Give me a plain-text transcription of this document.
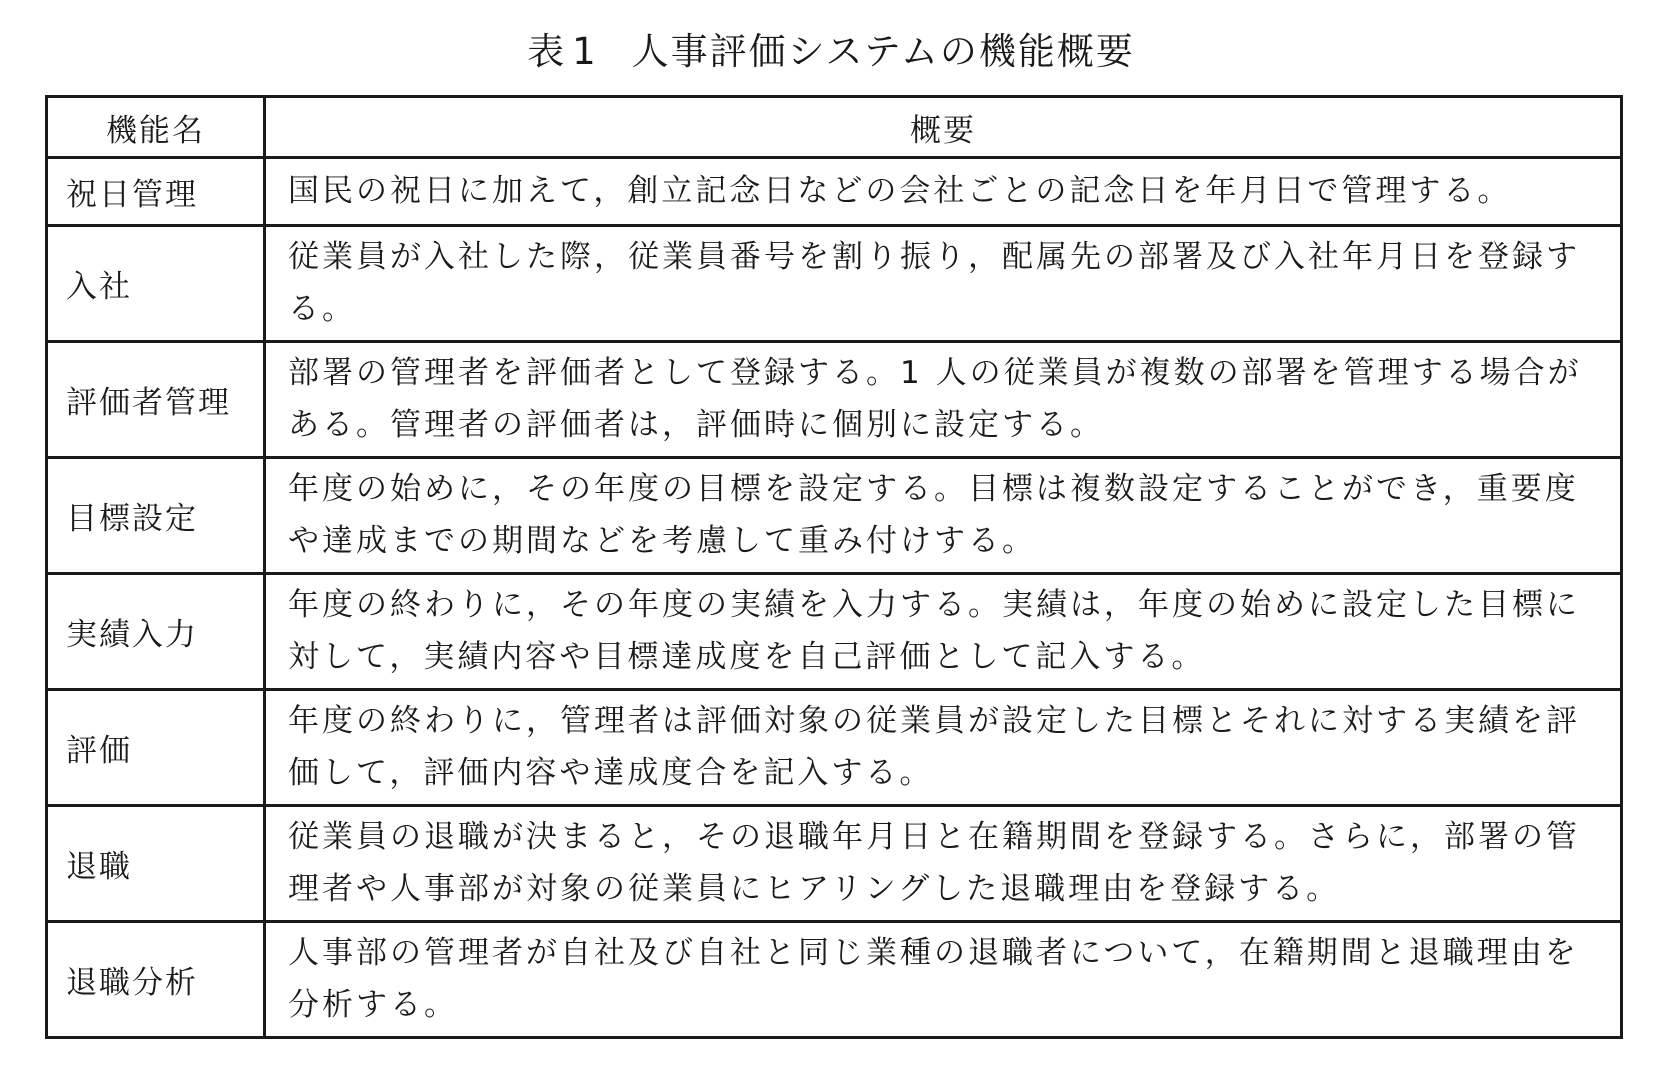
表 1 人事評価システムの機能概要
機能名	概要
祝日管理	国民の祝日に加えて，創立記念日などの会社ごとの記念日を年月日で管理する。
入社	従業員が入社した際，従業員番号を割り振り，配属先の部署及び入社年月日を登録する。
評価者管理	部署の管理者を評価者として登録する。1 人の従業員が複数の部署を管理する場合がある。管理者の評価者は，評価時に個別に設定する。
目標設定	年度の始めに，その年度の目標を設定する。目標は複数設定することができ，重要度や達成までの期間などを考慮して重み付けする。
実績入力	年度の終わりに，その年度の実績を入力する。実績は，年度の始めに設定した目標に対して，実績内容や目標達成度を自己評価として記入する。
評価	年度の終わりに，管理者は評価対象の従業員が設定した目標とそれに対する実績を評価して，評価内容や達成度合を記入する。
退職	従業員の退職が決まると，その退職年月日と在籍期間を登録する。さらに，部署の管理者や人事部が対象の従業員にヒアリングした退職理由を登録する。
退職分析	人事部の管理者が自社及び自社と同じ業種の退職者について，在籍期間と退職理由を分析する。
